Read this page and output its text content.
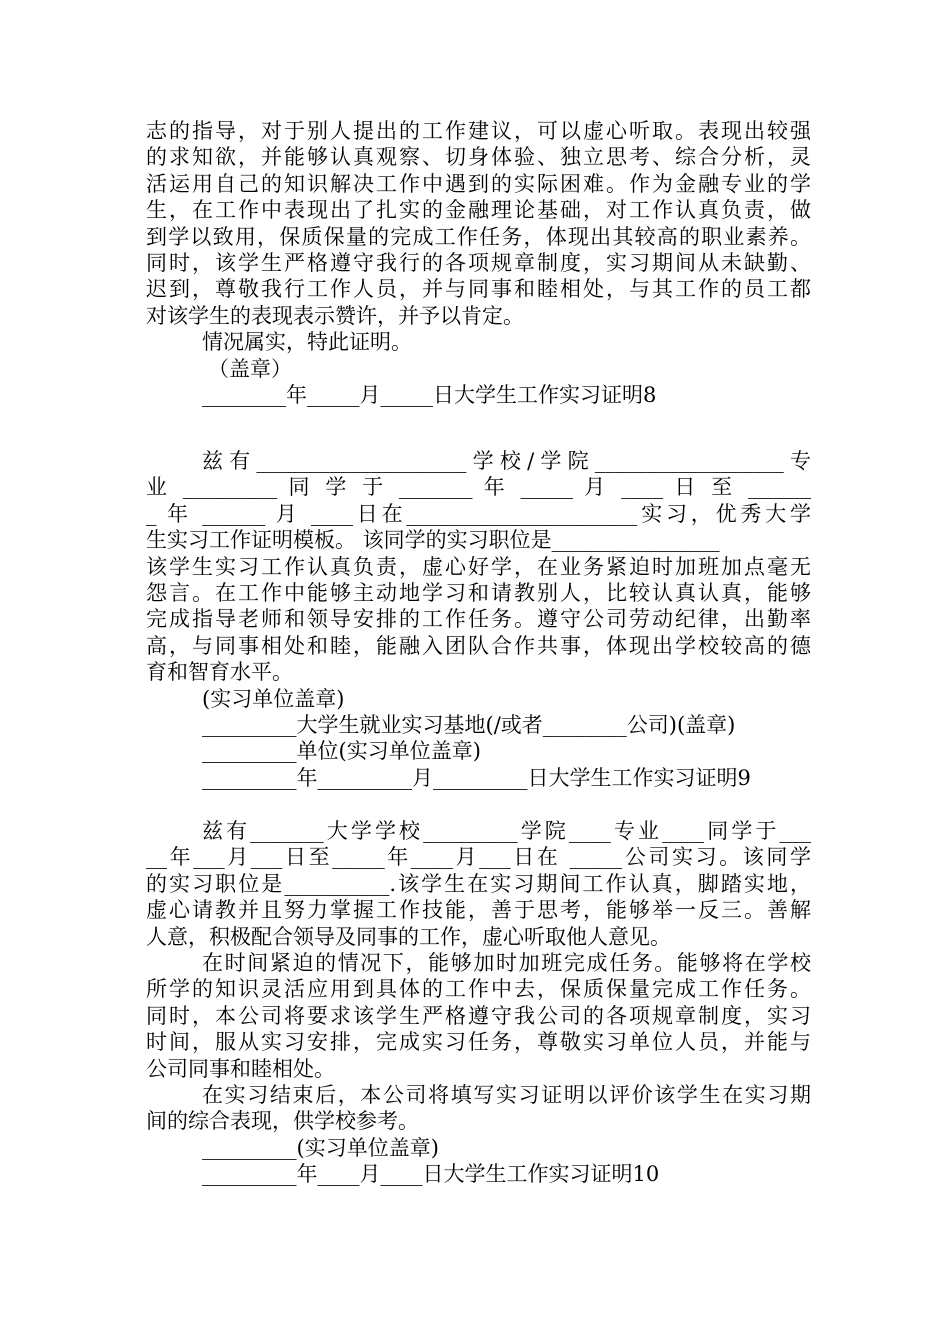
志的指导，对于别人提出的工作建议，可以虚心听取。表现出较强
的求知欲，并能够认真观察、切身体验、独立思考、综合分析，灵
活运用自己的知识解决工作中遇到的实际困难。作为金融专业的学
生，在工作中表现出了扎实的金融理论基础，对工作认真负责，做
到学以致用，保质保量的完成工作任务，体现出其较高的职业素养。
同时，该学生严格遵守我行的各项规章制度，实习期间从未缺勤、
迟到，尊敬我行工作人员，并与同事和睦相处，与其工作的员工都
对该学生的表现表示赞许，并予以肯定。
情况属实，特此证明。
（盖章）
________年_____月_____日大学生工作实习证明8
兹有____________________学校/学院__________________专
业 _________ 同 学 于 _______ 年 _____ 月 ____ 日 至 ______
_ 年 ______ 月 ____日在______________________实习，优秀大学
生实习工作证明模板。 该同学的实习职位是________________
该学生实习工作认真负责，虚心好学，在业务紧迫时加班加点毫无
怨言。在工作中能够主动地学习和请教别人，比较认真认真，能够
完成指导老师和领导安排的工作任务。遵守公司劳动纪律，出勤率
高，与同事相处和睦，能融入团队合作共事，体现出学校较高的德
育和智育水平。
(实习单位盖章)
_________大学生就业实习基地(/或者________公司)(盖章)
_________单位(实习单位盖章)
_________年_________月_________日大学生工作实习证明9
兹有_______大学学校_________学院____专业____同学于___
__年___月___日至_____年____月___日在 _____公司实习。该同学
的实习职位是__________.该学生在实习期间工作认真，脚踏实地，
虚心请教并且努力掌握工作技能，善于思考，能够举一反三。善解
人意，积极配合领导及同事的工作，虚心听取他人意见。
在时间紧迫的情况下，能够加时加班完成任务。能够将在学校
所学的知识灵活应用到具体的工作中去，保质保量完成工作任务。
同时，本公司将要求该学生严格遵守我公司的各项规章制度，实习
时间，服从实习安排，完成实习任务，尊敬实习单位人员，并能与
公司同事和睦相处。
在实习结束后，本公司将填写实习证明以评价该学生在实习期
间的综合表现，供学校参考。
_________(实习单位盖章)
_________年____月____日大学生工作实习证明10
